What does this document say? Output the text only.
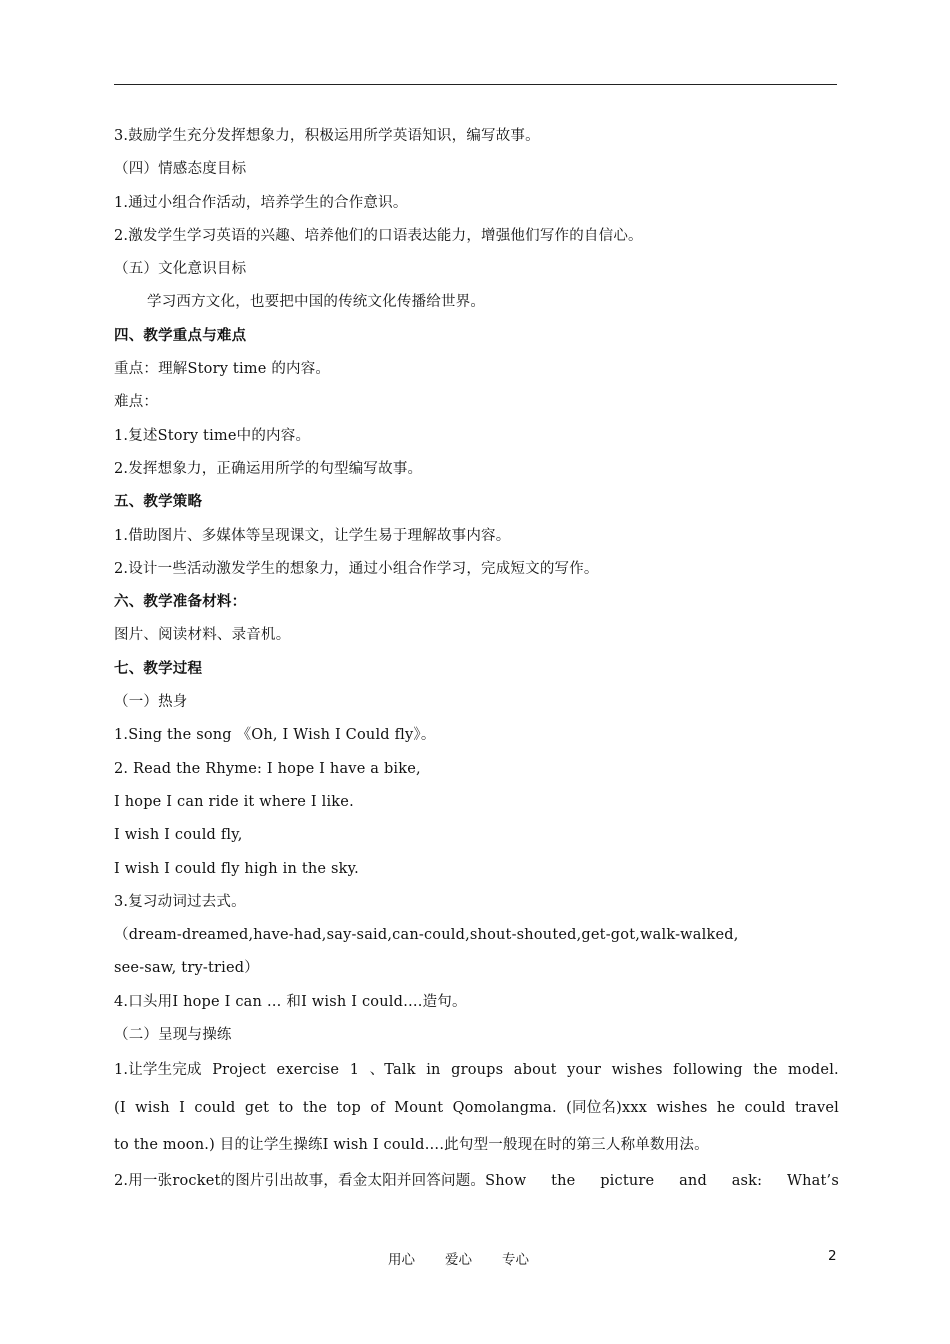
3.鼓励学生充分发挥想象力，积极运用所学英语知识，编写故事。
（四）情感态度目标
1.通过小组合作活动，培养学生的合作意识。
2.激发学生学习英语的兴趣、培养他们的口语表达能力，增强他们写作的自信心。
（五）文化意识目标
学习西方文化，也要把中国的传统文化传播给世界。
四、教学重点与难点
重点：理解Story time 的内容。
难点：
1.复述Story time中的内容。
2.发挥想象力，正确运用所学的句型编写故事。
五、教学策略
1.借助图片、多媒体等呈现课文，让学生易于理解故事内容。
2.设计一些活动激发学生的想象力，通过小组合作学习，完成短文的写作。
六、教学准备材料：
图片、阅读材料、录音机。
七、教学过程
（一）热身
1.Sing the song 《Oh, I Wish I Could fly》。
2. Read the Rhyme: I hope I have a bike,
I hope I can ride it where I like.
I wish I could fly,
I wish I could fly high in the sky.
3.复习动词过去式。
（dream-dreamed,have-had,say-said,can-could,shout-shouted,get-got,walk-walked,
see-saw, try-tried）
4.口头用I hope I can … 和I wish I could….造句。
（二）呈现与操练
1.让学生完成 Project exercise 1 、Talk in groups about your wishes following the model.
(I wish I could get to the top of Mount Qomolangma. (同位名)xxx wishes he could travel
to the moon.) 目的让学生操练I wish I could….此句型一般现在时的第三人称单数用法。
2.用一张rocket的图片引出故事，看金太阳并回答问题。Show the picture and ask: What’s
用心 爱心 专心	2
